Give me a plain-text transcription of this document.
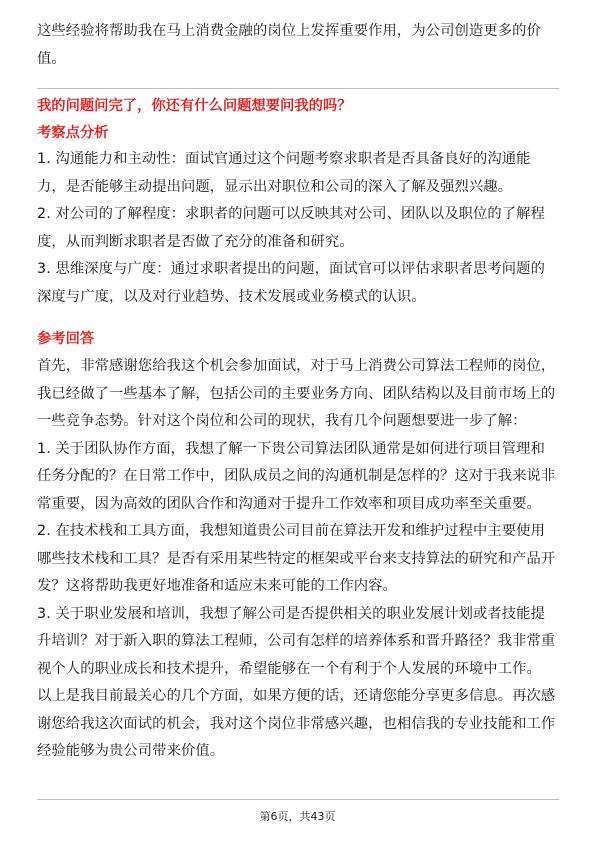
这些经验将帮助我在马上消费金融的岗位上发挥重要作用，为公司创造更多的价值。
我的问题问完了，你还有什么问题想要问我的吗？
考察点分析

1. 沟通能力和主动性：面试官通过这个问题考察求职者是否具备良好的沟通能力，是否能够主动提出问题，显示出对职位和公司的深入了解及强烈兴趣。

2. 对公司的了解程度：求职者的问题可以反映其对公司、团队以及职位的了解程度，从而判断求职者是否做了充分的准备和研究。

3. 思维深度与广度：通过求职者提出的问题，面试官可以评估求职者思考问题的深度与广度，以及对行业趋势、技术发展或业务模式的认识。

参考回答

首先，非常感谢您给我这个机会参加面试，对于马上消费公司算法工程师的岗位，我已经做了一些基本了解，包括公司的主要业务方向、团队结构以及目前市场上的一些竞争态势。针对这个岗位和公司的现状，我有几个问题想要进一步了解：

1. 关于团队协作方面，我想了解一下贵公司算法团队通常是如何进行项目管理和任务分配的？在日常工作中，团队成员之间的沟通机制是怎样的？这对于我来说非常重要，因为高效的团队合作和沟通对于提升工作效率和项目成功率至关重要。

2. 在技术栈和工具方面，我想知道贵公司目前在算法开发和维护过程中主要使用哪些技术栈和工具？是否有采用某些特定的框架或平台来支持算法的研究和产品开发？这将帮助我更好地准备和适应未来可能的工作内容。

3. 关于职业发展和培训，我想了解公司是否提供相关的职业发展计划或者技能提升培训？对于新入职的算法工程师，公司有怎样的培养体系和晋升路径？我非常重视个人的职业成长和技术提升，希望能够在一个有利于个人发展的环境中工作。

以上是我目前最关心的几个方面，如果方便的话，还请您能分享更多信息。再次感谢您给我这次面试的机会，我对这个岗位非常感兴趣，也相信我的专业技能和工作经验能够为贵公司带来价值。

第6页，共43页
